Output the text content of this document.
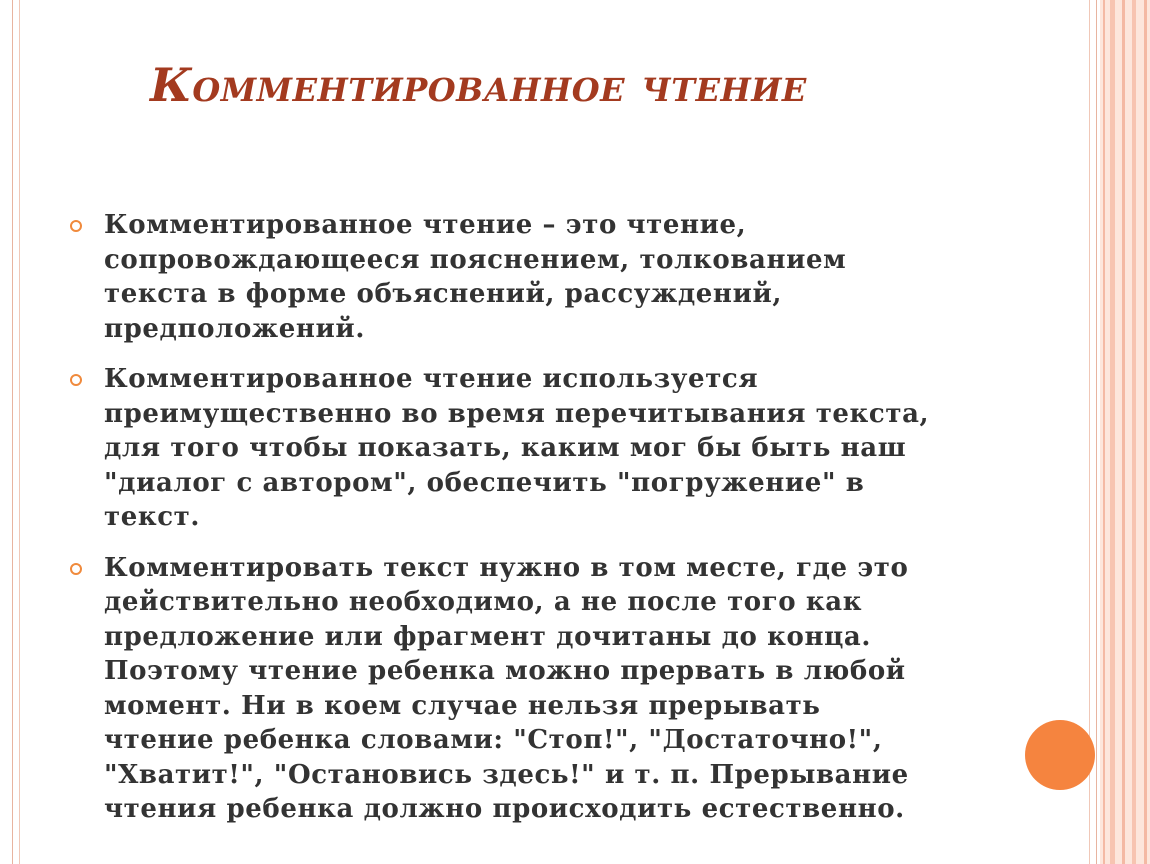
Комментированное чтение
Комментированное чтение – это чтение,
сопровождающееся пояснением, толкованием
текста в форме объяснений, рассуждений,
предположений.
Комментированное чтение используется
преимущественно во время перечитывания текста,
для того чтобы показать, каким мог бы быть наш
"диалог с автором", обеспечить "погружение" в
текст.
Комментировать текст нужно в том месте, где это
действительно необходимо, а не после того как
предложение или фрагмент дочитаны до конца.
Поэтому чтение ребенка можно прервать в любой
момент. Ни в коем случае нельзя прерывать
чтение ребенка словами: "Стоп!", "Достаточно!",
"Хватит!", "Остановись здесь!" и т. п. Прерывание
чтения ребенка должно происходить естественно.
